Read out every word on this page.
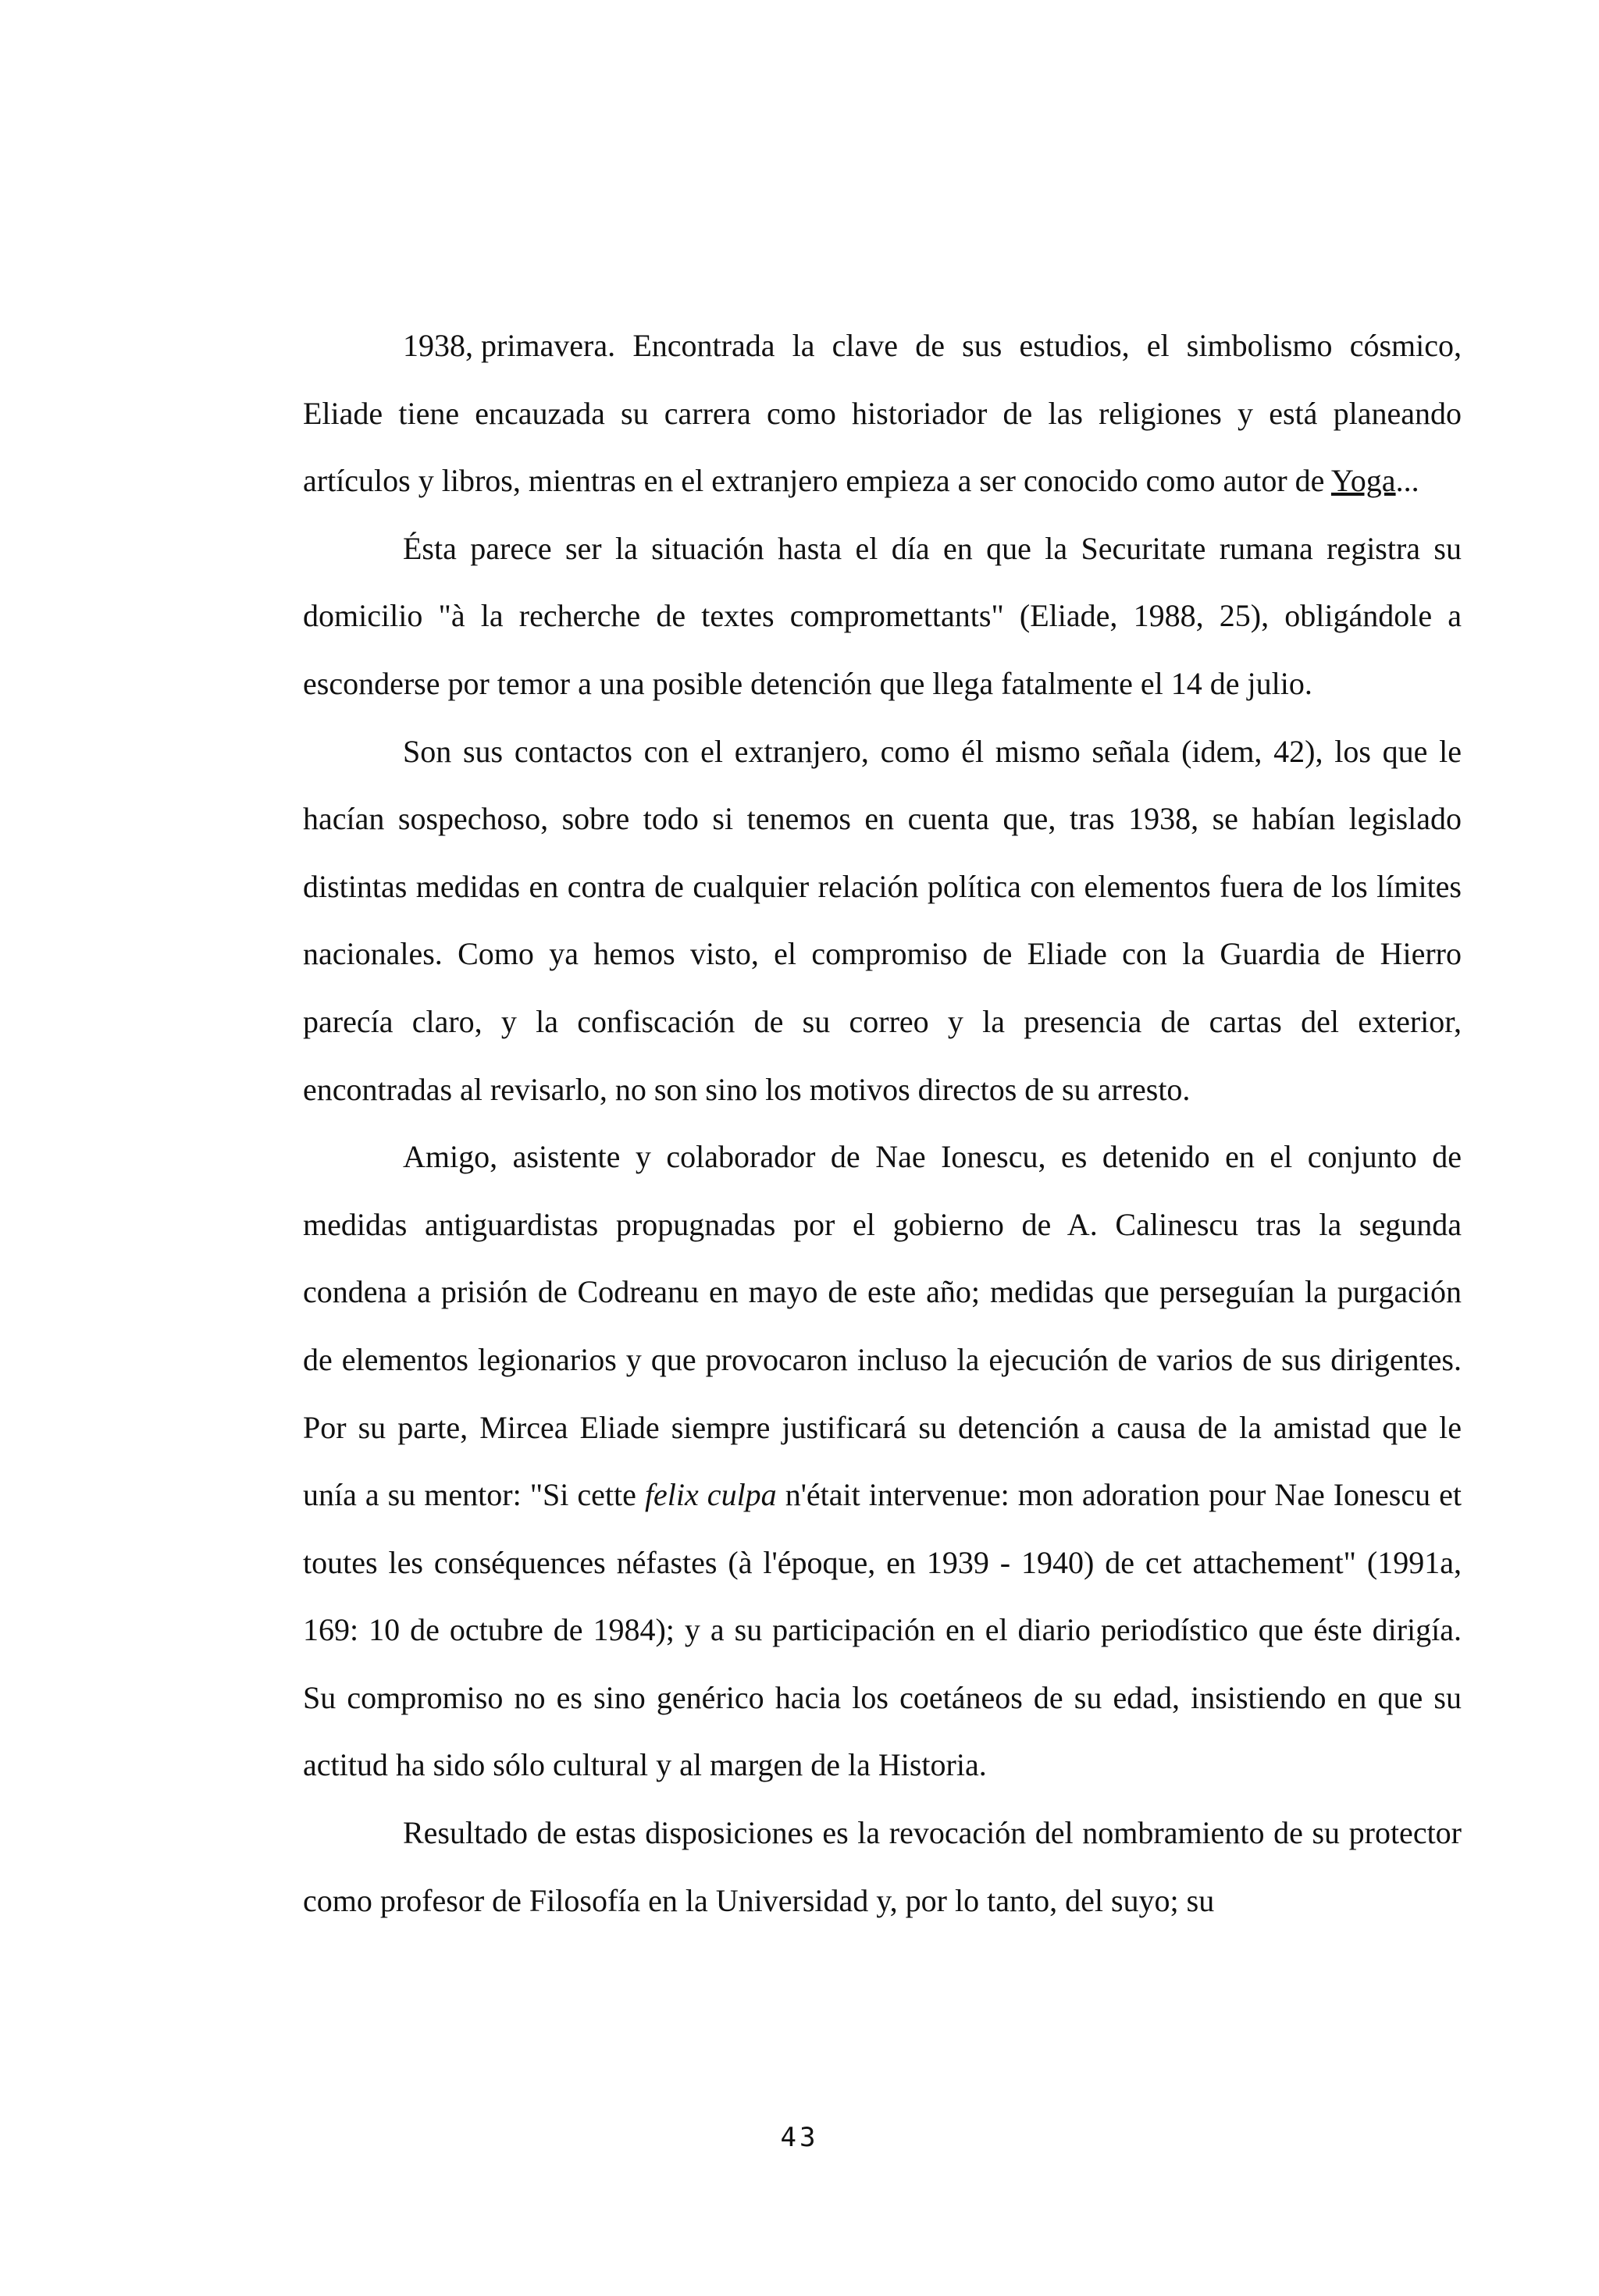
1938, primavera. Encontrada la clave de sus estudios, el simbolismo cósmico, Eliade tiene encauzada su carrera como historiador de las religiones y está planeando artículos y libros, mientras en el extranjero empieza a ser conocido como autor de Yoga...

Ésta parece ser la situación hasta el día en que la Securitate rumana registra su domicilio "à la recherche de textes compromettants" (Eliade, 1988, 25), obligándole a esconderse por temor a una posible detención que llega fatalmente el 14 de julio.

Son sus contactos con el extranjero, como él mismo señala (idem, 42), los que le hacían sospechoso, sobre todo si tenemos en cuenta que, tras 1938, se habían legislado distintas medidas en contra de cualquier relación política con elementos fuera de los límites nacionales. Como ya hemos visto, el compromiso de Eliade con la Guardia de Hierro parecía claro, y la confiscación de su correo y la presencia de cartas del exterior, encontradas al revisarlo, no son sino los motivos directos de su arresto.

Amigo, asistente y colaborador de Nae Ionescu, es detenido en el conjunto de medidas antiguardistas propugnadas por el gobierno de A. Calinescu tras la segunda condena a prisión de Codreanu en mayo de este año; medidas que perseguían la purgación de elementos legionarios y que provocaron incluso la ejecución de varios de sus dirigentes. Por su parte, Mircea Eliade siempre justificará su detención a causa de la amistad que le unía a su mentor: "Si cette felix culpa n'était intervenue: mon adoration pour Nae Ionescu et toutes les conséquences néfastes (à l'époque, en 1939 - 1940) de cet attachement" (1991a, 169: 10 de octubre de 1984); y a su participación en el diario periodístico que éste dirigía. Su compromiso no es sino genérico hacia los coetáneos de su edad, insistiendo en que su actitud ha sido sólo cultural y al margen de la Historia.

Resultado de estas disposiciones es la revocación del nombramiento de su protector como profesor de Filosofía en la Universidad y, por lo tanto, del suyo; su

43
